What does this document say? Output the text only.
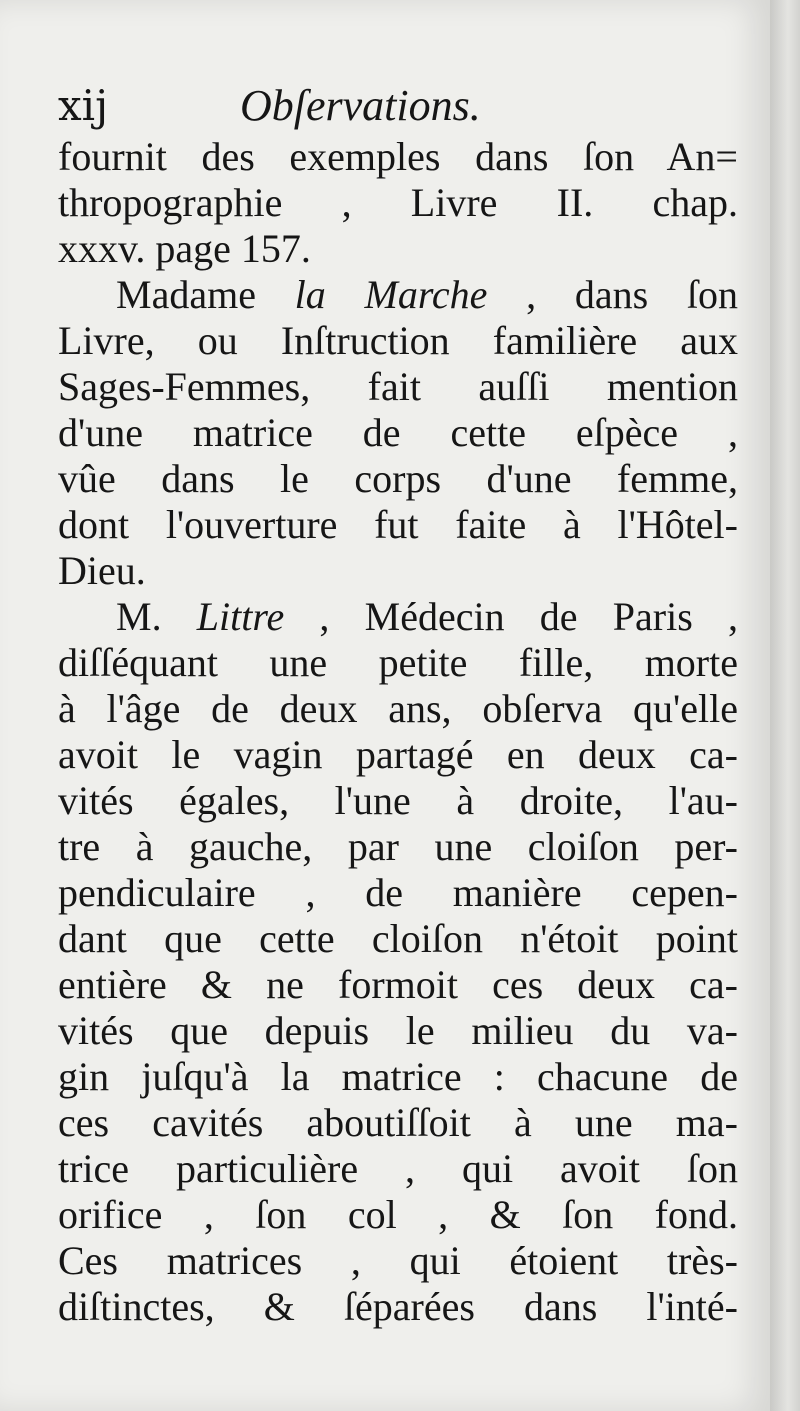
xij	Obſervations.
fournit des exemples dans ſon An=
thropographie , Livre II. chap.
xxxv. page 157.
Madame la Marche , dans ſon
Livre, ou Inſtruction familière aux
Sages-Femmes, fait auſſi mention
d'une matrice de cette eſpèce ,
vûe dans le corps d'une femme,
dont l'ouverture fut faite à l'Hôtel-
Dieu.
M. Littre , Médecin de Paris ,
diſſéquant une petite fille, morte
à l'âge de deux ans, obſerva qu'elle
avoit le vagin partagé en deux ca-
vités égales, l'une à droite, l'au-
tre à gauche, par une cloiſon per-
pendiculaire , de manière cepen-
dant que cette cloiſon n'étoit point
entière & ne formoit ces deux ca-
vités que depuis le milieu du va-
gin juſqu'à la matrice : chacune de
ces cavités aboutiſſoit à une ma-
trice particulière , qui avoit ſon
orifice , ſon col , & ſon fond.
Ces matrices , qui étoient très-
diſtinctes, & ſéparées dans l'inté-
